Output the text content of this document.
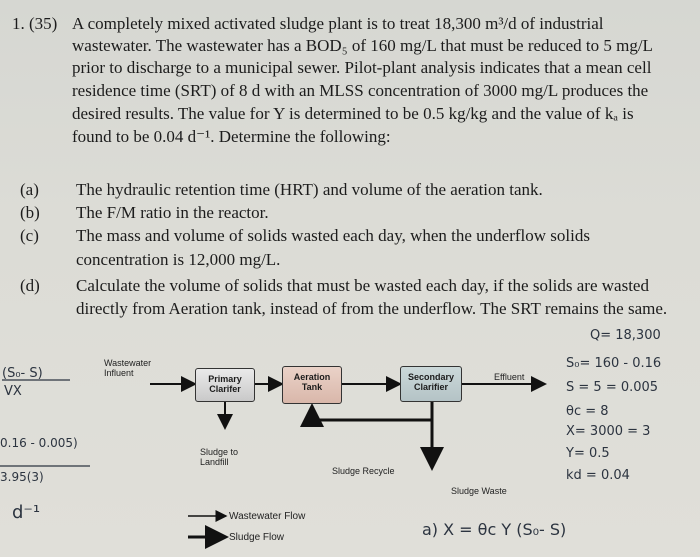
1. (35) A completely mixed activated sludge plant is to treat 18,300 m³/d of industrial
wastewater. The wastewater has a BOD₅ of 160 mg/L that must be reduced to 5 mg/L
prior to discharge to a municipal sewer. Pilot-plant analysis indicates that a mean cell
residence time (SRT) of 8 d with an MLSS concentration of 3000 mg/L produces the
desired results. The value for Y is determined to be 0.5 kg/kg and the value of kₐ is
found to be 0.04 d⁻¹. Determine the following:
(a) The hydraulic retention time (HRT) and volume of the aeration tank.
(b) The F/M ratio in the reactor.
(c) The mass and volume of solids wasted each day, when the underflow solids
concentration is 12,000 mg/L.
(d) Calculate the volume of solids that must be wasted each day, if the solids are wasted
directly from Aeration tank, instead of from the underflow. The SRT remains the same.
Primary
Clarifer
Aeration
Tank
Secondary
Clarifier
Wastewater
Influent	Effluent
Sludge to
Landfill
Sludge Recycle
Sludge Waste
Wastewater Flow
Sludge Flow
(S₀- S)
VX
0.16 - 0.005)
3.95(3)
d⁻¹
Q= 18,300
S₀= 160 - 0.16
S = 5 = 0.005
θc = 8
X= 3000 = 3
Y= 0.5
kd = 0.04
a) X = θc Y (S₀- S)
